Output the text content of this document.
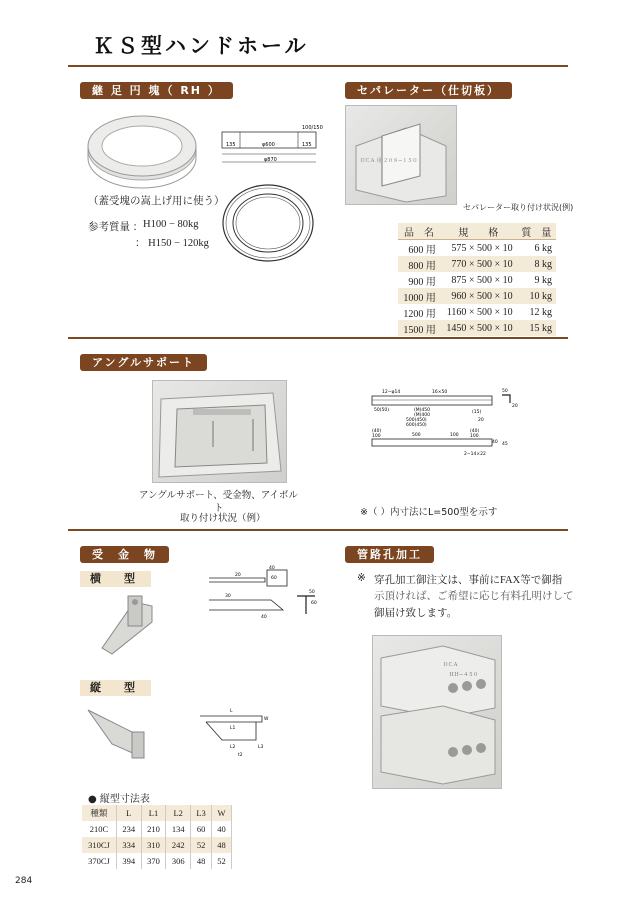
ＫＳ型ハンドホール
継 足 円 塊（ RH ）
135	φ600	135
φ870
100/150
（蓋受塊の嵩上げ用に使う）
参考質量 ： H100 − 80kg
： H150 − 120kg
セパレーター（仕切板）
ＤＣＡ 用 ２０８−１５０
セパレーター取り付け状況(例)
品　名	規　　格	質　量
600 用	575 × 500 × 10	6 kg
800 用	770 × 500 × 10	8 kg
900 用	875 × 500 × 10	9 kg
1000 用	960 × 500 × 10	10 kg
1200 用	1160 × 500 × 10	12 kg
1500 用	1450 × 500 × 10	15 kg
アングルサポート
アングルサポート、受金物、アイボル
ト
取り付け状況（例）
12−φ14	16×50
50(50)	(M)450
(M)400
500(450)
600(450)
50
20
(15)
20
(40)
100	500	100
(40)
100
40 45
2−14×22
※（ ）内寸法にL=500型を示す
受　金　物
横　型
40
60
20
30
40
50
60
縦　型
L
L1
L2	L3
W
t2
● 縦型寸法表
種類	L	L1	L2	L3	W
210C	234	210	134	60	40
310CJ	334	310	242	52	48
370CJ	394	370	306	48	52
管路孔加工
※ 穿孔加工御注文は、事前にFAX等で御指
示頂ければ、ご希望に応じ有料孔明けして
御届け致します。
ＤＣＡ
ＨＨ−４５０
284
